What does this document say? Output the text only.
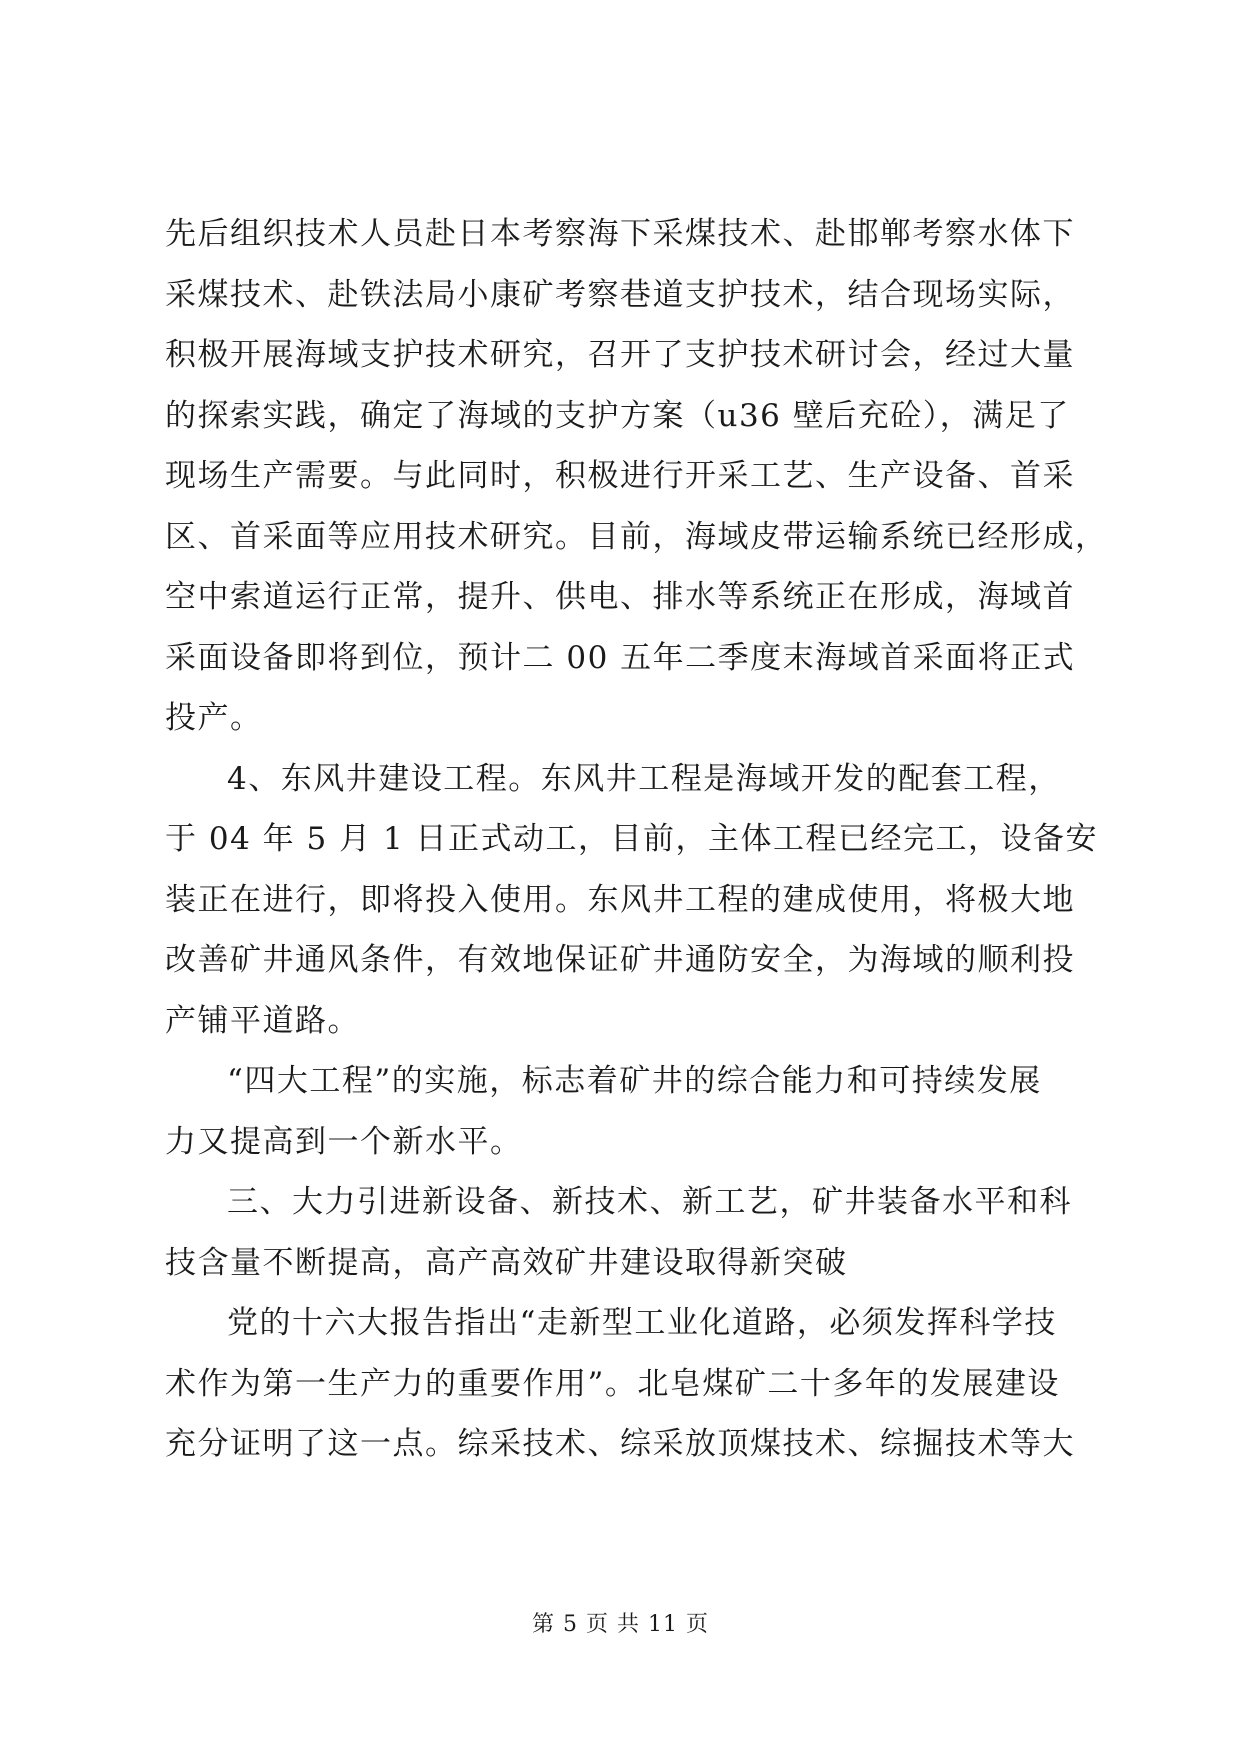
先后组织技术人员赴日本考察海下采煤技术、赴邯郸考察水体下
采煤技术、赴铁法局小康矿考察巷道支护技术，结合现场实际，
积极开展海域支护技术研究，召开了支护技术研讨会，经过大量
的探索实践，确定了海域的支护方案（u36 壁后充砼），满足了
现场生产需要。与此同时，积极进行开采工艺、生产设备、首采
区、首采面等应用技术研究。目前，海域皮带运输系统已经形成，
空中索道运行正常，提升、供电、排水等系统正在形成，海域首
采面设备即将到位，预计二 00 五年二季度末海域首采面将正式
投产。
4、东风井建设工程。东风井工程是海域开发的配套工程，
于 04 年 5 月 1 日正式动工，目前，主体工程已经完工，设备安
装正在进行，即将投入使用。东风井工程的建成使用，将极大地
改善矿井通风条件，有效地保证矿井通防安全，为海域的顺利投
产铺平道路。
“四大工程”的实施，标志着矿井的综合能力和可持续发展
力又提高到一个新水平。
三、大力引进新设备、新技术、新工艺，矿井装备水平和科
技含量不断提高，高产高效矿井建设取得新突破
党的十六大报告指出“走新型工业化道路，必须发挥科学技
术作为第一生产力的重要作用”。北皂煤矿二十多年的发展建设
充分证明了这一点。综采技术、综采放顶煤技术、综掘技术等大
第 5 页 共 11 页
